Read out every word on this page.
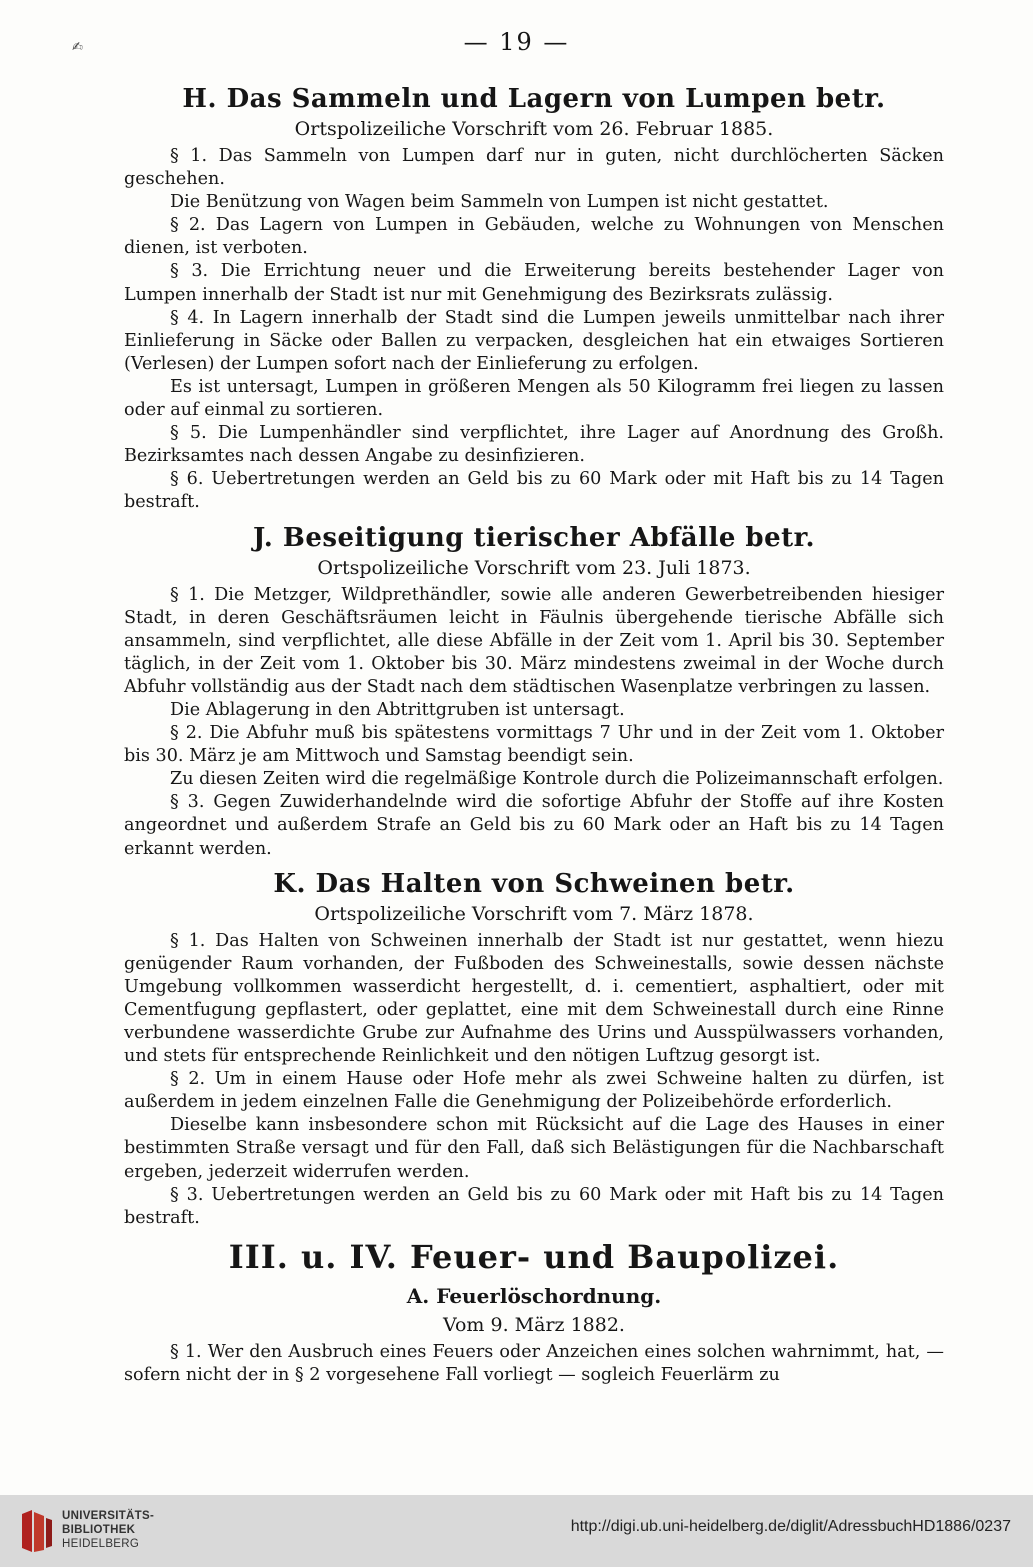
✍	— 19 —
H. Das Sammeln und Lagern von Lumpen betr.
Ortspolizeiliche Vorschrift vom 26. Februar 1885.

§ 1. Das Sammeln von Lumpen darf nur in guten, nicht durchlöcherten Säcken geschehen.

Die Benützung von Wagen beim Sammeln von Lumpen ist nicht gestattet.

§ 2. Das Lagern von Lumpen in Gebäuden, welche zu Wohnungen von Menschen dienen, ist verboten.

§ 3. Die Errichtung neuer und die Erweiterung bereits bestehender Lager von Lumpen innerhalb der Stadt ist nur mit Genehmigung des Bezirksrats zulässig.

§ 4. In Lagern innerhalb der Stadt sind die Lumpen jeweils unmittelbar nach ihrer Einlieferung in Säcke oder Ballen zu verpacken, desgleichen hat ein etwaiges Sortieren (Verlesen) der Lumpen sofort nach der Einlieferung zu erfolgen.

Es ist untersagt, Lumpen in größeren Mengen als 50 Kilogramm frei liegen zu lassen oder auf einmal zu sortieren.

§ 5. Die Lumpenhändler sind verpflichtet, ihre Lager auf Anordnung des Großh. Bezirksamtes nach dessen Angabe zu desinfizieren.

§ 6. Uebertretungen werden an Geld bis zu 60 Mark oder mit Haft bis zu 14 Tagen bestraft.

J. Beseitigung tierischer Abfälle betr.
Ortspolizeiliche Vorschrift vom 23. Juli 1873.

§ 1. Die Metzger, Wildprethändler, sowie alle anderen Gewerbetreibenden hiesiger Stadt, in deren Geschäftsräumen leicht in Fäulnis übergehende tierische Abfälle sich ansammeln, sind verpflichtet, alle diese Abfälle in der Zeit vom 1. April bis 30. September täglich, in der Zeit vom 1. Oktober bis 30. März mindestens zweimal in der Woche durch Abfuhr vollständig aus der Stadt nach dem städtischen Wasenplatze verbringen zu lassen.

Die Ablagerung in den Abtrittgruben ist untersagt.

§ 2. Die Abfuhr muß bis spätestens vormittags 7 Uhr und in der Zeit vom 1. Oktober bis 30. März je am Mittwoch und Samstag beendigt sein.

Zu diesen Zeiten wird die regelmäßige Kontrole durch die Polizeimannschaft erfolgen.

§ 3. Gegen Zuwiderhandelnde wird die sofortige Abfuhr der Stoffe auf ihre Kosten angeordnet und außerdem Strafe an Geld bis zu 60 Mark oder an Haft bis zu 14 Tagen erkannt werden.

K. Das Halten von Schweinen betr.
Ortspolizeiliche Vorschrift vom 7. März 1878.

§ 1. Das Halten von Schweinen innerhalb der Stadt ist nur gestattet, wenn hiezu genügender Raum vorhanden, der Fußboden des Schweinestalls, sowie dessen nächste Umgebung vollkommen wasserdicht hergestellt, d. i. cementiert, asphaltiert, oder mit Cementfugung gepflastert, oder geplattet, eine mit dem Schweinestall durch eine Rinne verbundene wasserdichte Grube zur Aufnahme des Urins und Ausspülwassers vorhanden, und stets für entsprechende Reinlichkeit und den nötigen Luftzug gesorgt ist.

§ 2. Um in einem Hause oder Hofe mehr als zwei Schweine halten zu dürfen, ist außerdem in jedem einzelnen Falle die Genehmigung der Polizeibehörde erforderlich.

Dieselbe kann insbesondere schon mit Rücksicht auf die Lage des Hauses in einer bestimmten Straße versagt und für den Fall, daß sich Belästigungen für die Nachbarschaft ergeben, jederzeit widerrufen werden.

§ 3. Uebertretungen werden an Geld bis zu 60 Mark oder mit Haft bis zu 14 Tagen bestraft.

III. u. IV. Feuer- und Baupolizei.
A. Feuerlöschordnung.
Vom 9. März 1882.

§ 1. Wer den Ausbruch eines Feuers oder Anzeichen eines solchen wahrnimmt, hat, — sofern nicht der in § 2 vorgesehene Fall vorliegt — sogleich Feuerlärm zu

UNIVERSITÄTS-
BIBLIOTHEK
HEIDELBERG
http://digi.ub.uni-heidelberg.de/diglit/AdressbuchHD1886/0237
